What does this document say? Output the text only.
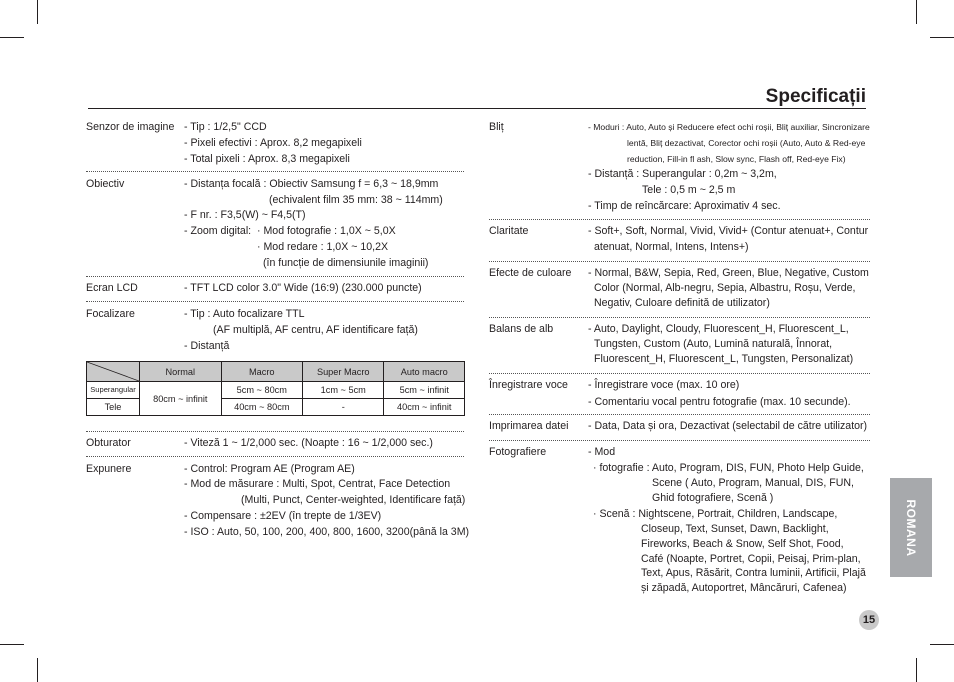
Specificații
Senzor de imagine - Tip : 1/2,5" CCD
- Pixeli efectivi : Aprox. 8,2 megapixeli
- Total pixeli : Aprox. 8,3 megapixeli
Obiectiv	- Distanța focală : Obiectiv Samsung f = 6,3 ~ 18,9mm
(echivalent film 35 mm: 38 ~ 114mm)
- F nr. : F3,5(W) ~ F4,5(T)
- Zoom digital: · Mod fotografie : 1,0X ~ 5,0X
· Mod redare : 1,0X ~ 10,2X
(în funcție de dimensiunile imaginii)
Ecran LCD	- TFT LCD color 3.0" Wide (16:9) (230.000 puncte)
Focalizare	- Tip : Auto focalizare TTL
(AF multiplă, AF centru, AF identificare față)
- Distanță
	Normal	Macro	Super Macro	Auto macro
Superangular	80cm ~ infinit	5cm ~ 80cm	1cm ~ 5cm	5cm ~ infinit
Tele		40cm ~ 80cm	-	40cm ~ infinit
Obturator	- Viteză 1 ~ 1/2,000 sec. (Noapte : 16 ~ 1/2,000 sec.)
Expunere	- Control: Program AE (Program AE)
- Mod de măsurare : Multi, Spot, Centrat, Face Detection
(Multi, Punct, Center-weighted, Identificare față)
- Compensare : ±2EV (în trepte de 1/3EV)
- ISO : Auto, 50, 100, 200, 400, 800, 1600, 3200(până la 3M)
Bliț	- Moduri : Auto, Auto și Reducere efect ochi roșii, Bliț auxiliar, Sincronizare
lentă, Bliț dezactivat, Corector ochi roșii (Auto, Auto & Red-eye
reduction, Fill-in fl ash, Slow sync, Flash off, Red-eye Fix)
- Distanță : Superangular : 0,2m ~ 3,2m,
Tele : 0,5 m ~ 2,5 m
- Timp de reîncărcare: Aproximativ 4 sec.
Claritate	- Soft+, Soft, Normal, Vivid, Vivid+ (Contur atenuat+, Contur
atenuat, Normal, Intens, Intens+)
Efecte de culoare - Normal, B&W, Sepia, Red, Green, Blue, Negative, Custom
Color (Normal, Alb-negru, Sepia, Albastru, Roșu, Verde,
Negativ, Culoare definită de utilizator)
Balans de alb	- Auto, Daylight, Cloudy, Fluorescent_H, Fluorescent_L,
Tungsten, Custom (Auto, Lumină naturală, Înnorat,
Fluorescent_H, Fluorescent_L, Tungsten, Personalizat)
Înregistrare voce - Înregistrare voce (max. 10 ore)
- Comentariu vocal pentru fotografie (max. 10 secunde).
Imprimarea datei - Data, Data și ora, Dezactivat (selectabil de către utilizator)
Fotografiere	- Mod
· fotografie : Auto, Program, DIS, FUN, Photo Help Guide,
Scene ( Auto, Program, Manual, DIS, FUN,
Ghid fotografiere, Scenă )
· Scenă : Nightscene, Portrait, Children, Landscape,
Closeup, Text, Sunset, Dawn, Backlight,
Fireworks, Beach & Snow, Self Shot, Food,
Café (Noapte, Portret, Copii, Peisaj, Prim-plan,
Text, Apus, Răsărit, Contra luminii, Artificii, Plajă
și zăpadă, Autoportret, Mâncăruri, Cafenea)
ROMANA
15
